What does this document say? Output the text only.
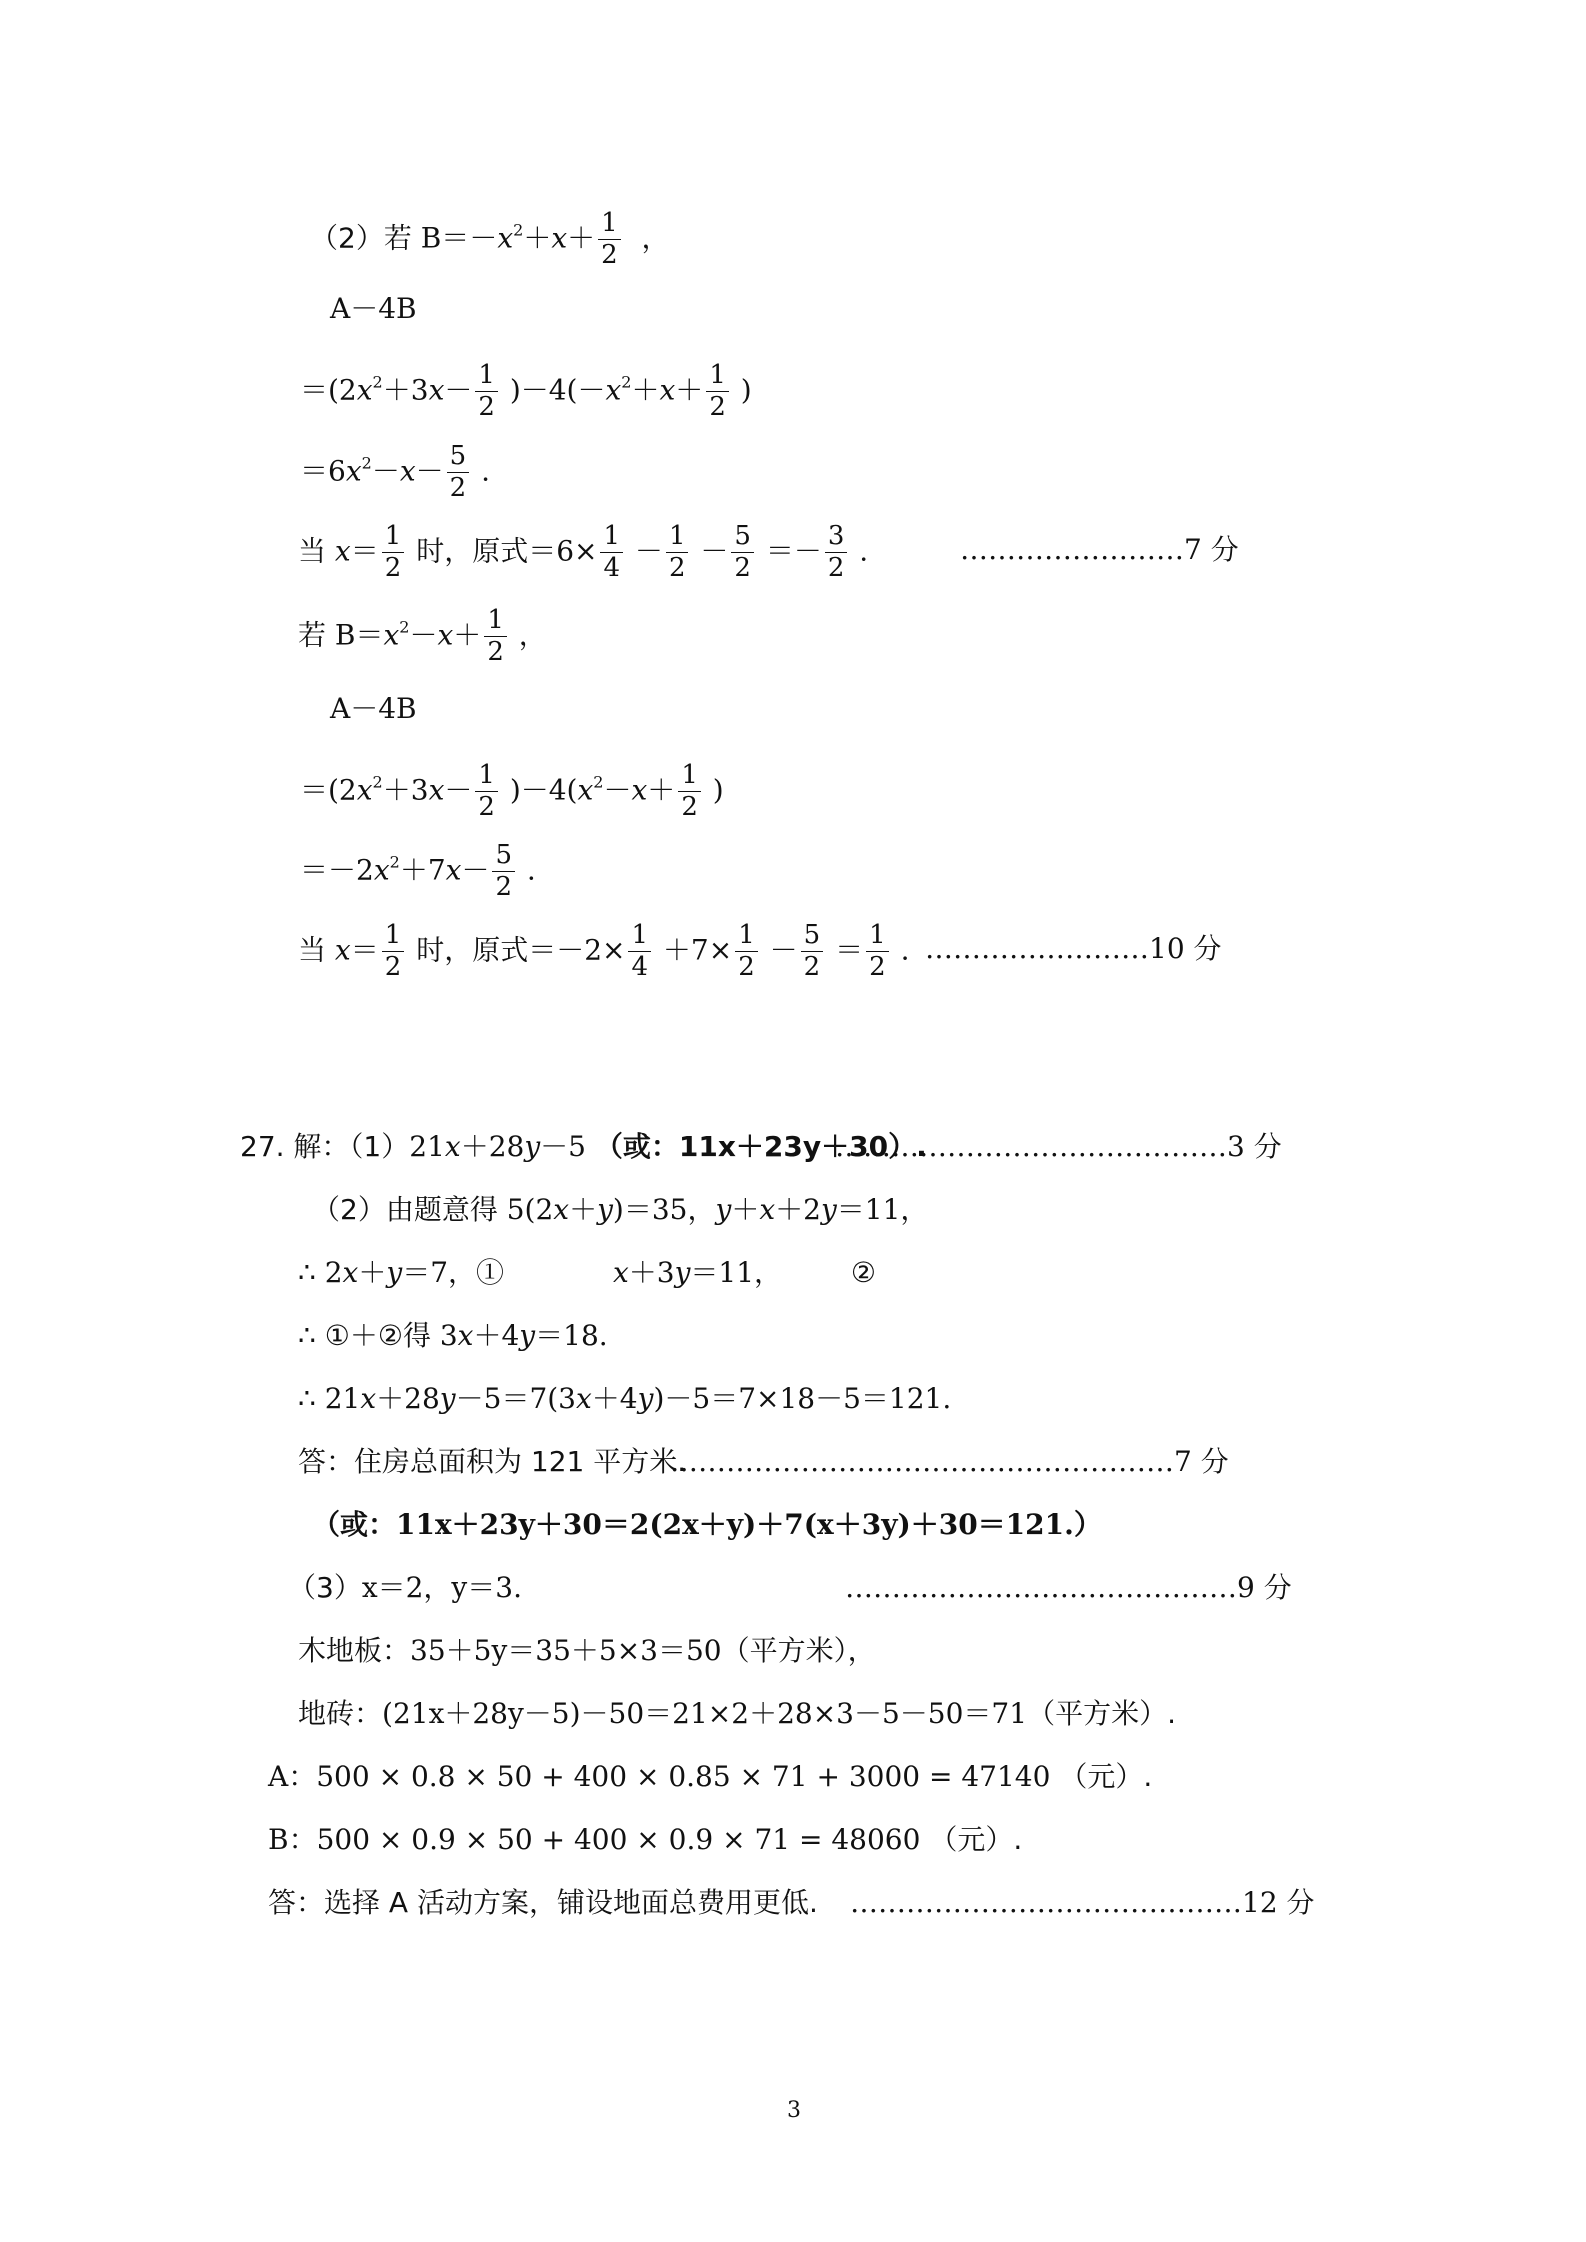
（2）若 $B=-x^2+x+ \frac{1}{2}$ ，
A－4B
$=(2x^2+3x- \frac{1}{2} )-4(-x^2+x+ \frac{1}{2}$ )
$=6x^2-x- \frac{5}{2}$ .
当 $x= \frac{1}{2}$ 时，原式$=6\times \frac{1}{4} - \frac{1}{2} - \frac{5}{2} =- \frac{3}{2}$ .	……………………7 分
若 $B=x^2-x+ \frac{1}{2}$ ，
A－4B
$=(2x^2+3x- \frac{1}{2} )-4(x^2-x+ \frac{1}{2}$ )
$=-2x^2+7x- \frac{5}{2}$ .
当 $x= \frac{1}{2}$ 时，原式$=-2\times \frac{1}{4} +7\times \frac{1}{2} - \frac{5}{2} = \frac{1}{2}$ . ……………………10 分
27. 解：（1）21x＋28y－5 （或：11x＋23y＋30）.
……………………………………3 分
（2）由题意得 5(2x＋y)＝35，y＋x＋2y＝11，
∴ 2x＋y＝7，①	x＋3y＝11， ②
∴ ①＋②得 3x＋4y＝18.
∴ 21x＋28y－5＝7(3x＋4y)－5＝7×18－5＝121.
答：住房总面积为 121 平方米.
………………………………………………7 分
（或：11x＋23y＋30＝2(2x＋y)＋7(x＋3y)＋30＝121.）
（3）x＝2，y＝3.	……………………………………9 分
木地板：35＋5y＝35＋5×3＝50（平方米），
地砖：(21x＋28y－5)－50＝21×2＋28×3－5－50＝71（平方米）.
A：500 × 0.8 × 50 + 400 × 0.85 × 71 + 3000 = 47140 （元）.
B：500 × 0.9 × 50 + 400 × 0.9 × 71 = 48060 （元）.
答：选择 A 活动方案，铺设地面总费用更低. ……………………………………12 分
3
